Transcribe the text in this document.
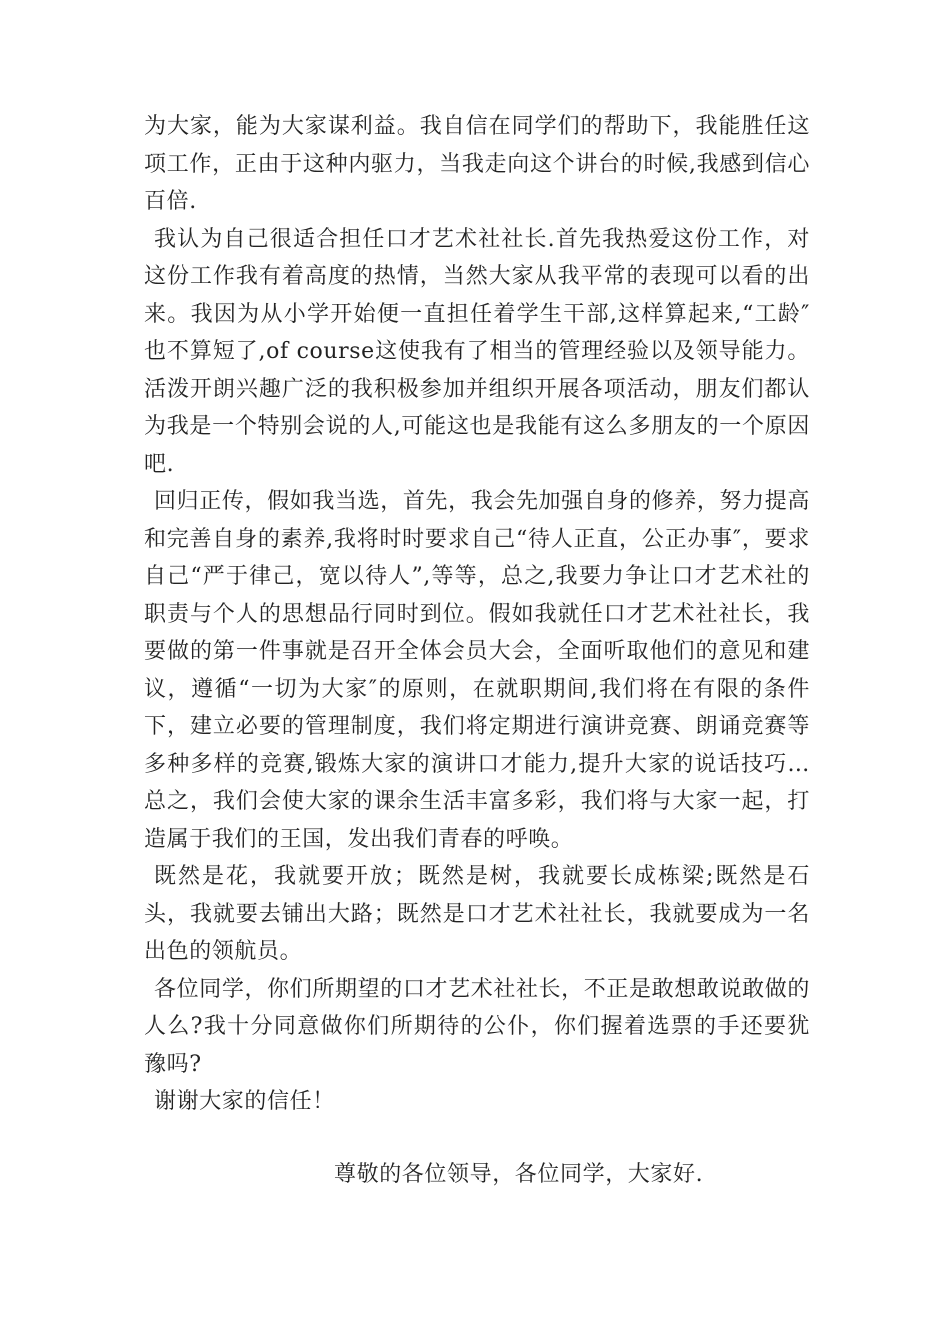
为大家，能为大家谋利益。我自信在同学们的帮助下，我能胜任这项工作，正由于这种内驱力，当我走向这个讲台的时候,我感到信心百倍.

我认为自己很适合担任口才艺术社社长.首先我热爱这份工作，对这份工作我有着高度的热情，当然大家从我平常的表现可以看的出来。我因为从小学开始便一直担任着学生干部,这样算起来,“工龄″也不算短了,of course这使我有了相当的管理经验以及领导能力。活泼开朗兴趣广泛的我积极参加并组织开展各项活动，朋友们都认为我是一个特别会说的人,可能这也是我能有这么多朋友的一个原因吧.

回归正传，假如我当选，首先，我会先加强自身的修养，努力提高和完善自身的素养,我将时时要求自己“待人正直，公正办事″，要求自己“严于律己，宽以待人”,等等，总之,我要力争让口才艺术社的职责与个人的思想品行同时到位。假如我就任口才艺术社社长，我要做的第一件事就是召开全体会员大会，全面听取他们的意见和建议，遵循“一切为大家″的原则，在就职期间,我们将在有限的条件下，建立必要的管理制度，我们将定期进行演讲竞赛、朗诵竞赛等多种多样的竞赛,锻炼大家的演讲口才能力,提升大家的说话技巧…总之，我们会使大家的课余生活丰富多彩，我们将与大家一起，打造属于我们的王国，发出我们青春的呼唤。

既然是花，我就要开放；既然是树，我就要长成栋梁;既然是石头，我就要去铺出大路；既然是口才艺术社社长，我就要成为一名出色的领航员。

各位同学，你们所期望的口才艺术社社长，不正是敢想敢说敢做的人么?我十分同意做你们所期待的公仆，你们握着选票的手还要犹豫吗?

谢谢大家的信任！

尊敬的各位领导，各位同学，大家好.
